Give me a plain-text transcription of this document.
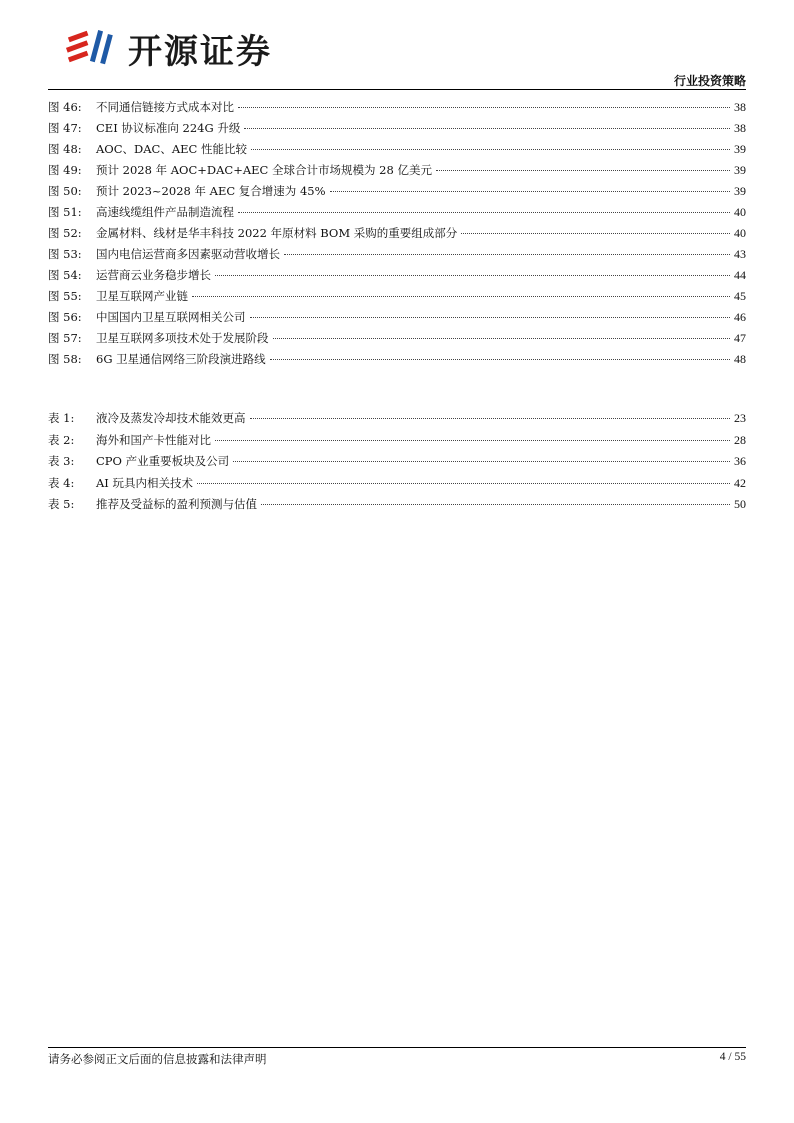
开源证券
行业投资策略
图 46:	不同通信链接方式成本对比	38
图 47:	CEI 协议标准向 224G 升级	38
图 48:	AOC、DAC、AEC 性能比较	39
图 49:	预计 2028 年 AOC+DAC+AEC 全球合计市场规模为 28 亿美元	39
图 50:	预计 2023~2028 年 AEC 复合增速为 45%	39
图 51:	高速线缆组件产品制造流程	40
图 52:	金属材料、线材是华丰科技 2022 年原材料 BOM 采购的重要组成部分	40
图 53:	国内电信运营商多因素驱动营收增长	43
图 54:	运营商云业务稳步增长	44
图 55:	卫星互联网产业链	45
图 56:	中国国内卫星互联网相关公司	46
图 57:	卫星互联网多项技术处于发展阶段	47
图 58:	6G 卫星通信网络三阶段演进路线	48
表 1:	液冷及蒸发冷却技术能效更高	23
表 2:	海外和国产卡性能对比	28
表 3:	CPO 产业重要板块及公司	36
表 4:	AI 玩具内相关技术	42
表 5:	推荐及受益标的盈利预测与估值	50
请务必参阅正文后面的信息披露和法律声明	4 / 55
